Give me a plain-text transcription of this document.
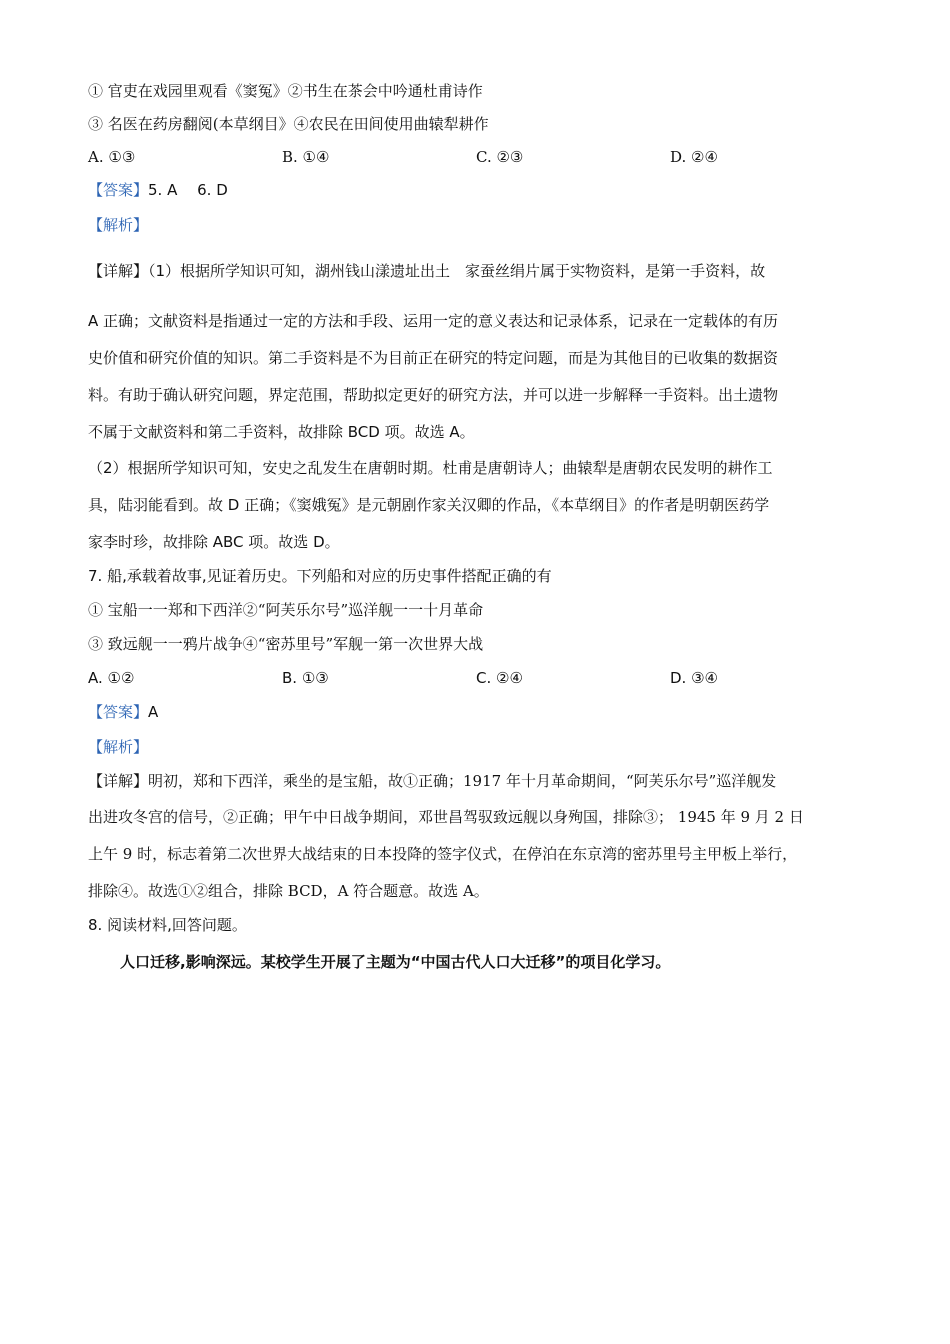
① 官吏在戏园里观看《窦冤》②书生在茶会中吟通杜甫诗作
③ 名医在药房翻阅(本草纲目》④农民在田间使用曲辕犁耕作
A. ①③	B. ①④	C. ②③	D. ②④
【答案】5. A　 6. D
【解析】
【详解】（1）根据所学知识可知，湖州钱山漾遗址出土　家蚕丝绢片属于实物资料，是第一手资料，故
A 正确；文献资料是指通过一定的方法和手段、运用一定的意义表达和记录体系，记录在一定载体的有历
史价值和研究价值的知识。第二手资料是不为目前正在研究的特定问题，而是为其他目的已收集的数据资
料。有助于确认研究问题，界定范围，帮助拟定更好的研究方法，并可以进一步解释一手资料。出土遗物
不属于文献资料和第二手资料，故排除 BCD 项。故选 A。
（2）根据所学知识可知，安史之乱发生在唐朝时期。杜甫是唐朝诗人；曲辕犁是唐朝农民发明的耕作工
具，陆羽能看到。故 D 正确；《窦娥冤》是元朝剧作家关汉卿的作品，《本草纲目》的作者是明朝医药学
家李时珍，故排除 ABC 项。故选 D。
7. 船,承载着故事,见证着历史。下列船和对应的历史事件搭配正确的有
① 宝船一一郑和下西洋②“阿芙乐尔号”巡洋舰一一十月革命
③ 致远舰一一鸦片战争④“密苏里号”军舰一第一次世界大战
A. ①②	B. ①③	C. ②④	D. ③④
【答案】A
【解析】
【详解】明初，郑和下西洋，乘坐的是宝船，故①正确；1917 年十月革命期间，“阿芙乐尔号”巡洋舰发
出进攻冬宫的信号，②正确；甲午中日战争期间，邓世昌驾驭致远舰以身殉国，排除③； 1945 年 9 月 2 日
上午 9 时，标志着第二次世界大战结束的日本投降的签字仪式，在停泊在东京湾的密苏里号主甲板上举行，
排除④。故选①②组合，排除 BCD，A 符合题意。故选 A。
8. 阅读材料,回答问题。
人口迁移,影响深远。某校学生开展了主题为“中国古代人口大迁移”的项目化学习。
